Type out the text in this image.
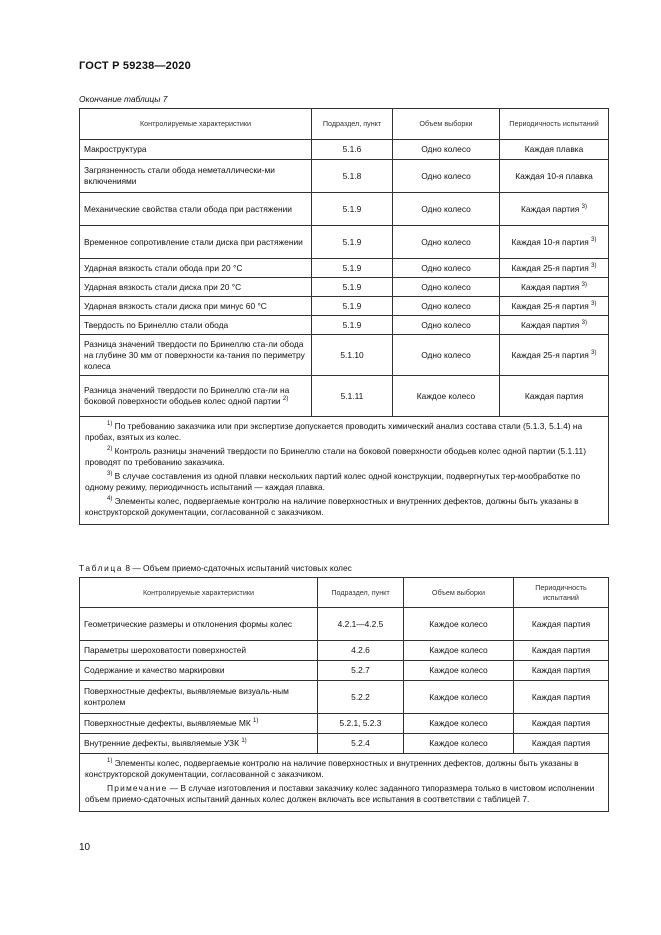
ГОСТ Р 59238—2020
Окончание таблицы 7
Контролируемые характеристики	Подраздел, пункт	Объем выборки	Периодичность испытаний
Макроструктура	5.1.6	Одно колесо	Каждая плавка
Загрязненность стали обода неметаллически-ми включениями	5.1.8	Одно колесо	Каждая 10-я плавка
Механические свойства стали обода при растяжении	5.1.9	Одно колесо	Каждая партия $^{3)}$
Временное сопротивление стали диска при растяжении	5.1.9	Одно колесо	Каждая 10-я партия $^{3)}$
Ударная вязкость стали обода при 20 °С	5.1.9	Одно колесо	Каждая 25-я партия $^{3)}$
Ударная вязкость стали диска при 20 °С	5.1.9	Одно колесо	Каждая партия $^{3)}$
Ударная вязкость стали диска при минус 60 °С	5.1.9	Одно колесо	Каждая 25-я партия $^{3)}$
Твердость по Бринеллю стали обода	5.1.9	Одно колесо	Каждая партия $^{3)}$
Разница значений твердости по Бринеллю ста-ли обода на глубине 30 мм от поверхности ка-тания по периметру колеса	5.1.10	Одно колесо	Каждая 25-я партия $^{3)}$
Разница значений твердости по Бринеллю ста-ли на боковой поверхности ободьев колес одной партии $^{2)}$	5.1.11	Каждое колесо	Каждая партия

$^{1)}$ По требованию заказчика или при экспертизе допускается проводить химический анализ состава стали (5.1.3, 5.1.4) на пробах, взятых из колес.

$^{2)}$ Контроль разницы значений твердости по Бринеллю стали на боковой поверхности ободьев колес одной партии (5.1.11) проводят по требованию заказчика.

$^{3)}$ В случае составления из одной плавки нескольких партий колес одной конструкции, подвергнутых тер-мообработке по одному режиму, периодичность испытаний — каждая плавка.

$^{4)}$ Элементы колес, подвергаемые контролю на наличие поверхностных и внутренних дефектов, должны быть указаны в конструкторской документации, согласованной с заказчиком.			

Таблица 8 — Объем приемо-сдаточных испытаний чистовых колес
Контролируемые характеристики	Подраздел, пункт	Объем выборки	Периодичность испытаний
Геометрические размеры и отклонения формы колес	4.2.1—4.2.5	Каждое колесо	Каждая партия
Параметры шероховатости поверхностей	4.2.6	Каждое колесо	Каждая партия
Содержание и качество маркировки	5.2.7	Каждое колесо	Каждая партия
Поверхностные дефекты, выявляемые визуаль-ным контролем	5.2.2	Каждое колесо	Каждая партия
Поверхностные дефекты, выявляемые МК $^{1)}$	5.2.1, 5.2.3	Каждое колесо	Каждая партия
Внутренние дефекты, выявляемые УЗК $^{1)}$	5.2.4	Каждое колесо	Каждая партия

$^{1)}$ Элементы колес, подвергаемые контролю на наличие поверхностных и внутренних дефектов, должны быть указаны в конструкторской документации, согласованной с заказчиком.

Примечание — В случае изготовления и поставки заказчику колес заданного типоразмера только в чистовом исполнении объем приемо-сдаточных испытаний данных колес должен включать все испытания в соответствии с таблицей 7.			

10
